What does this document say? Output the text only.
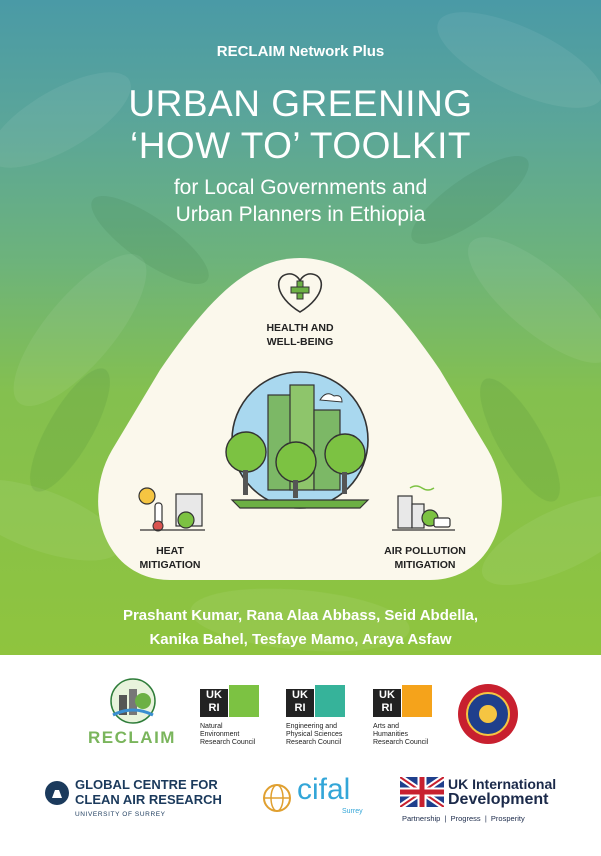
RECLAIM Network Plus
URBAN GREENING
‘HOW TO’ TOOLKIT
for Local Governments and
Urban Planners in Ethiopia
HEALTH AND
WELL-BEING
HEAT
MITIGATION
AIR POLLUTION
MITIGATION
Prashant Kumar, Rana Alaa Abbass, Seid Abdella,
Kanika Bahel, Tesfaye Mamo, Araya Asfaw
RECLAIM
UK RI
Natural
Environment
Research Council
UK RI
Engineering and
Physical Sciences
Research Council
UK RI
Arts and
Humanities
Research Council
GLOBAL CENTRE FOR
CLEAN AIR RESEARCH
UNIVERSITY OF SURREY
cifal
Surrey
UK International
Development
Partnership  |  Progress  |  Prosperity
